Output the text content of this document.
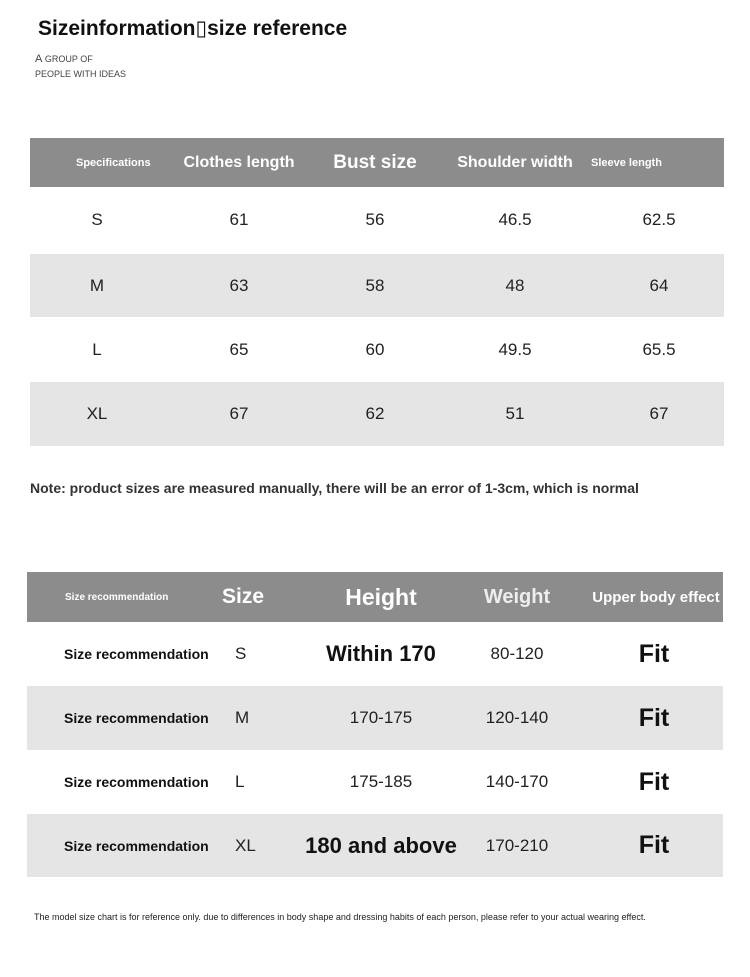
Sizeinformation▯size reference
A GROUP OF
PEOPLE WITH IDEAS
Specifications	Clothes length	Bust size	Shoulder width	Sleeve length
S	61	56	46.5	62.5
M	63	58	48	64
L	65	60	49.5	65.5
XL	67	62	51	67
Note: product sizes are measured manually, there will be an error of 1-3cm, which is normal
Size recommendation	Size	Height	Weight	Upper body effect
Size recommendation	S	Within 170	80-120	Fit
Size recommendation	M	170-175	120-140	Fit
Size recommendation	L	175-185	140-170	Fit
Size recommendation	XL	180 and above	170-210	Fit
The model size chart is for reference only. due to differences in body shape and dressing habits of each person, please refer to your actual wearing effect.
